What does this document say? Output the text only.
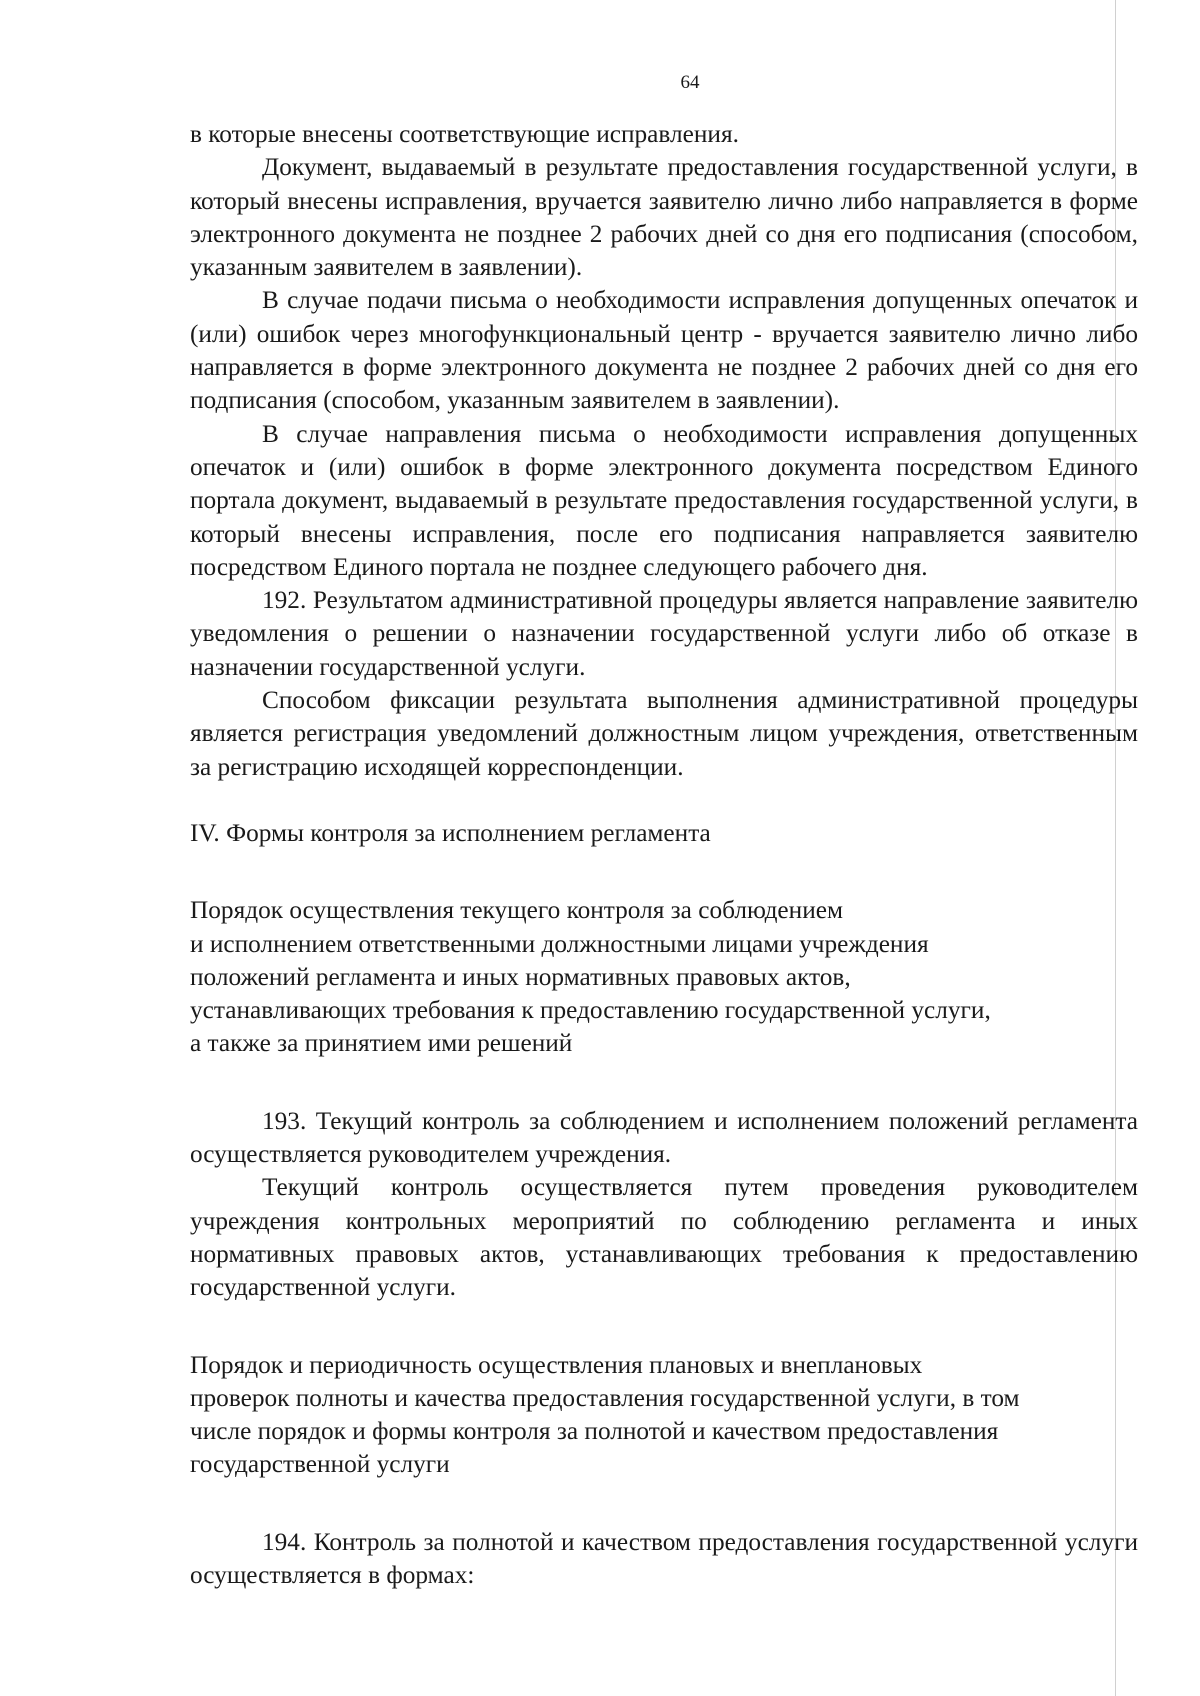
64

в которые внесены соответствующие исправления.

Документ, выдаваемый в результате предоставления государственной услуги, в который внесены исправления, вручается заявителю лично либо направляется в форме электронного документа не позднее 2 рабочих дней со дня его подписания (способом, указанным заявителем в заявлении).

В случае подачи письма о необходимости исправления допущенных опечаток и (или) ошибок через многофункциональный центр - вручается заявителю лично либо направляется в форме электронного документа не позднее 2 рабочих дней со дня его подписания (способом, указанным заявителем в заявлении).

В случае направления письма о необходимости исправления допущенных опечаток и (или) ошибок в форме электронного документа посредством Единого портала документ, выдаваемый в результате предоставления государственной услуги, в который внесены исправления, после его подписания направляется заявителю посредством Единого портала не позднее следующего рабочего дня.

192. Результатом административной процедуры является направление заявителю уведомления о решении о назначении государственной услуги либо об отказе в назначении государственной услуги.

Способом фиксации результата выполнения административной процедуры является регистрация уведомлений должностным лицом учреждения, ответственным за регистрацию исходящей корреспонденции.

IV. Формы контроля за исполнением регламента

Порядок осуществления текущего контроля за соблюдением

и исполнением ответственными должностными лицами учреждения

положений регламента и иных нормативных правовых актов,

устанавливающих требования к предоставлению государственной услуги,

а также за принятием ими решений

193. Текущий контроль за соблюдением и исполнением положений регламента осуществляется руководителем учреждения.

Текущий контроль осуществляется путем проведения руководителем учреждения контрольных мероприятий по соблюдению регламента и иных нормативных правовых актов, устанавливающих требования к предоставлению государственной услуги.

Порядок и периодичность осуществления плановых и внеплановых

проверок полноты и качества предоставления государственной услуги, в том

числе порядок и формы контроля за полнотой и качеством предоставления

государственной услуги

194. Контроль за полнотой и качеством предоставления государственной услуги осуществляется в формах:
